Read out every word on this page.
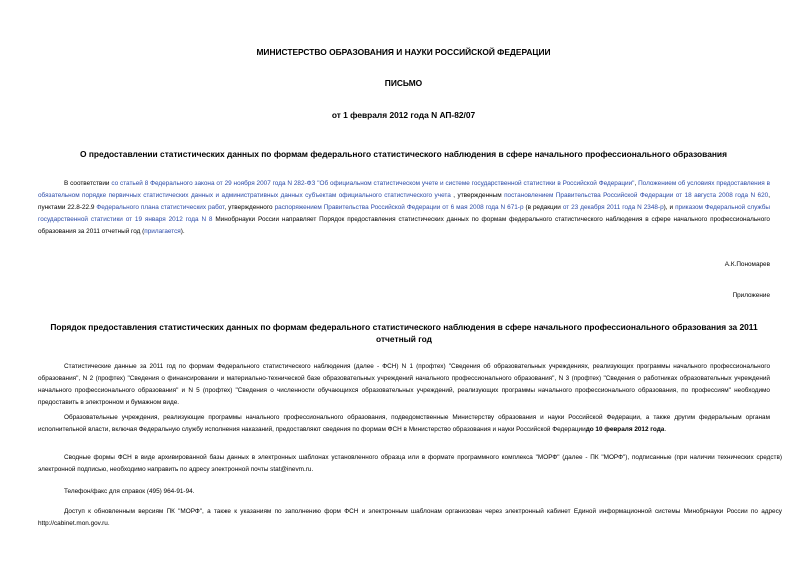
МИНИСТЕРСТВО ОБРАЗОВАНИЯ И НАУКИ РОССИЙСКОЙ ФЕДЕРАЦИИ
ПИСЬМО
от 1 февраля 2012 года N АП-82/07
О предоставлении статистических данных по формам федерального статистического наблюдения в сфере начального профессионального образования
В соответствии со статьей 8 Федерального закона от 29 ноября 2007 года N 282-ФЗ "Об официальном статистическом учете и системе государственной статистики в Российской Федерации", Положением об условиях предоставления в обязательном порядке первичных статистических данных и административных данных субъектам официального статистического учета , утвержденным постановлением Правительства Российской Федерации от 18 августа 2008 года N 620, пунктами 22.8-22.9 Федерального плана статистических работ, утвержденного распоряжением Правительства Российской Федерации от 6 мая 2008 года N 671-р (в редакции от 23 декабря 2011 года N 2348-р), и приказом Федеральной службы государственной статистики от 19 января 2012 года N 8 Минобрнауки России направляет Порядок предоставления статистических данных по формам федерального статистического наблюдения в сфере начального профессионального образования за 2011 отчетный год (прилагается).
А.К.Пономарев
Приложение
Порядок предоставления статистических данных по формам федерального статистического наблюдения в сфере начального профессионального образования за 2011 отчетный год
Статистические данные за 2011 год по формам Федерального статистического наблюдения (далее - ФСН) N 1 (профтех) "Сведения об образовательных учреждениях, реализующих программы начального профессионального образования", N 2 (профтех) "Сведения о финансировании и материально-технической базе образовательных учреждений начального профессионального образования", N 3 (профтех) "Сведения о работниках образовательных учреждений начального профессионального образования" и N 5 (профтех) "Сведения о численности обучающихся образовательных учреждений, реализующих программы начального профессионального образования, по профессиям" необходимо предоставить в электронном и бумажном виде.
Образовательные учреждения, реализующие программы начального профессионального образования, подведомственные Министерству образования и науки Российской Федерации, а также другим федеральным органам исполнительной власти, включая Федеральную службу исполнения наказаний, предоставляют сведения по формам ФСН в Министерство образования и науки Российской Федерациидо 10 февраля 2012 года.
Сводные формы ФСН в виде архивированной базы данных в электронных шаблонах установленного образца или в формате программного комплекса "МОРФ" (далее - ПК "МОРФ"), подписанные (при наличии технических средств) электронной подписью, необходимо направить по адресу электронной почты stat@inevm.ru.
Телефон/факс для справок (495) 964-91-94.
Доступ к обновленным версиям ПК "МОРФ", а также к указаниям по заполнению форм ФСН и электронным шаблонам организован через электронный кабинет Единой информационной системы Минобрнауки России по адресу http://cabinet.mon.gov.ru.
